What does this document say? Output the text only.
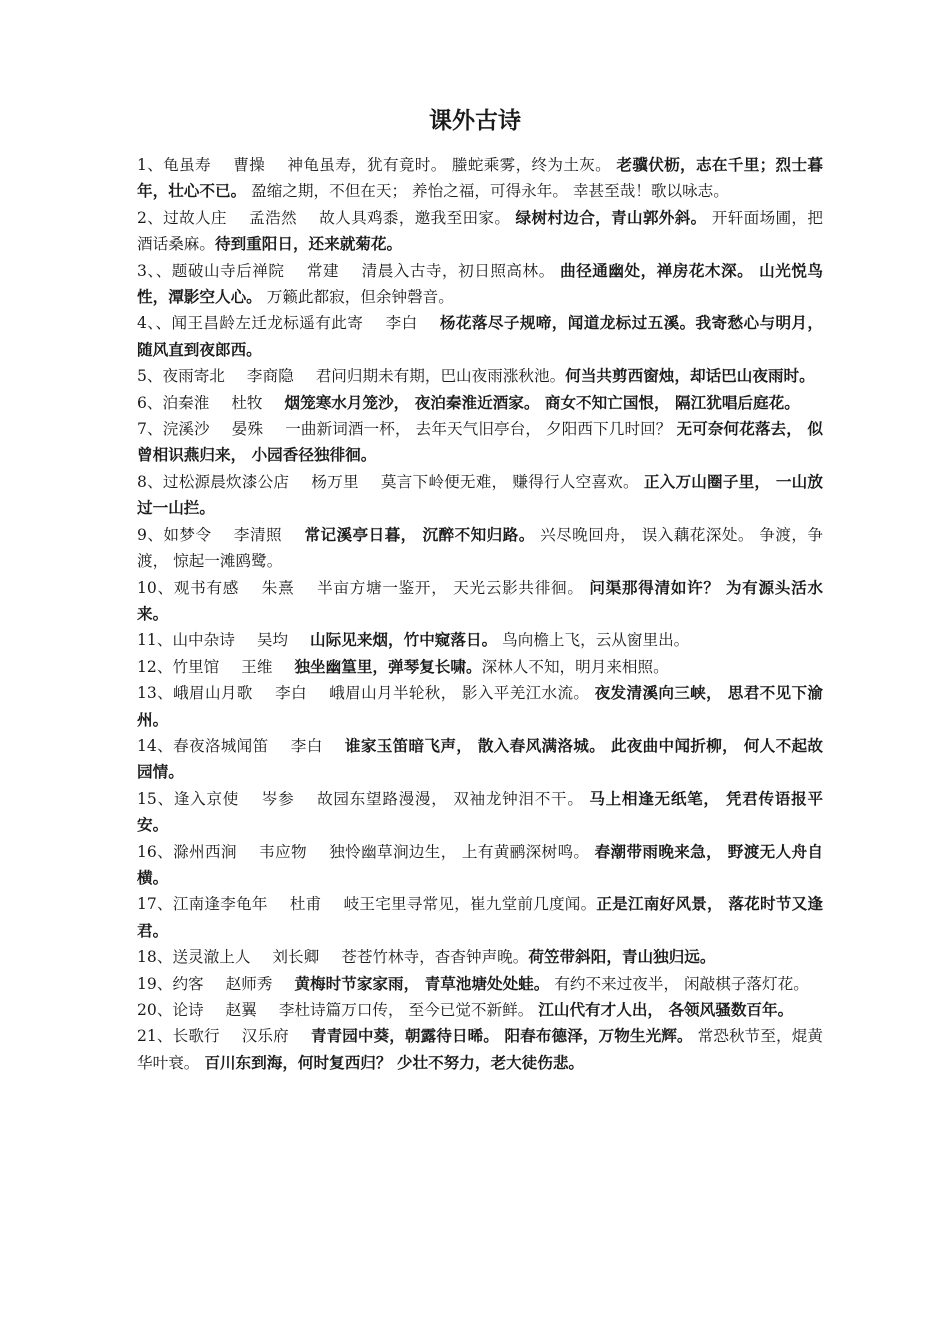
课外古诗
1、龟虽寿 曹操 神龟虽寿，犹有竟时。 螣蛇乘雾，终为土灰。 老骥伏枥，志在千里；烈士暮年，壮心不已。 盈缩之期，不但在天； 养怡之福，可得永年。 幸甚至哉！歌以咏志。
2、过故人庄 孟浩然 故人具鸡黍，邀我至田家。 绿树村边合，青山郭外斜。 开轩面场圃，把酒话桑麻。待到重阳日，还来就菊花。
3、、题破山寺后禅院 常建 清晨入古寺，初日照高林。 曲径通幽处，禅房花木深。 山光悦鸟性，潭影空人心。 万籁此都寂，但余钟磬音。
4、、闻王昌龄左迁龙标遥有此寄 李白 杨花落尽子规啼，闻道龙标过五溪。我寄愁心与明月， 随风直到夜郎西。
5、夜雨寄北 李商隐 君问归期未有期，巴山夜雨涨秋池。何当共剪西窗烛，却话巴山夜雨时。
6、泊秦淮 杜牧 烟笼寒水月笼沙， 夜泊秦淮近酒家。 商女不知亡国恨， 隔江犹唱后庭花。
7、浣溪沙 晏殊 一曲新词酒一杯， 去年天气旧亭台， 夕阳西下几时回？ 无可奈何花落去， 似曾相识燕归来， 小园香径独徘徊。
8、过松源晨炊漆公店 杨万里 莫言下岭便无难， 赚得行人空喜欢。 正入万山圈子里， 一山放过一山拦。
9、如梦令 李清照 常记溪亭日暮， 沉醉不知归路。 兴尽晚回舟， 误入藕花深处。 争渡，争渡， 惊起一滩鸥鹭。
10、观书有感 朱熹 半亩方塘一鉴开， 天光云影共徘徊。 问渠那得清如许？ 为有源头活水来。
11、山中杂诗 吴均 山际见来烟，竹中窥落日。 鸟向檐上飞，云从窗里出。
12、竹里馆 王维 独坐幽篁里，弹琴复长啸。深林人不知，明月来相照。
13、峨眉山月歌 李白 峨眉山月半轮秋， 影入平羌江水流。 夜发清溪向三峡， 思君不见下渝州。
14、春夜洛城闻笛 李白 谁家玉笛暗飞声， 散入春风满洛城。 此夜曲中闻折柳， 何人不起故园情。
15、逢入京使 岑参 故园东望路漫漫， 双袖龙钟泪不干。 马上相逢无纸笔， 凭君传语报平安。
16、滁州西涧 韦应物 独怜幽草涧边生， 上有黄鹂深树鸣。 春潮带雨晚来急， 野渡无人舟自横。
17、江南逢李龟年 杜甫 岐王宅里寻常见，崔九堂前几度闻。正是江南好风景， 落花时节又逢君。
18、送灵澈上人 刘长卿 苍苍竹林寺，杳杳钟声晚。荷笠带斜阳，青山独归远。
19、约客 赵师秀 黄梅时节家家雨， 青草池塘处处蛙。 有约不来过夜半， 闲敲棋子落灯花。
20、论诗 赵翼 李杜诗篇万口传， 至今已觉不新鲜。 江山代有才人出， 各领风骚数百年。
21、长歌行 汉乐府 青青园中葵，朝露待日晞。 阳春布德泽，万物生光辉。 常恐秋节至，焜黄华叶衰。 百川东到海，何时复西归？ 少壮不努力，老大徒伤悲。
